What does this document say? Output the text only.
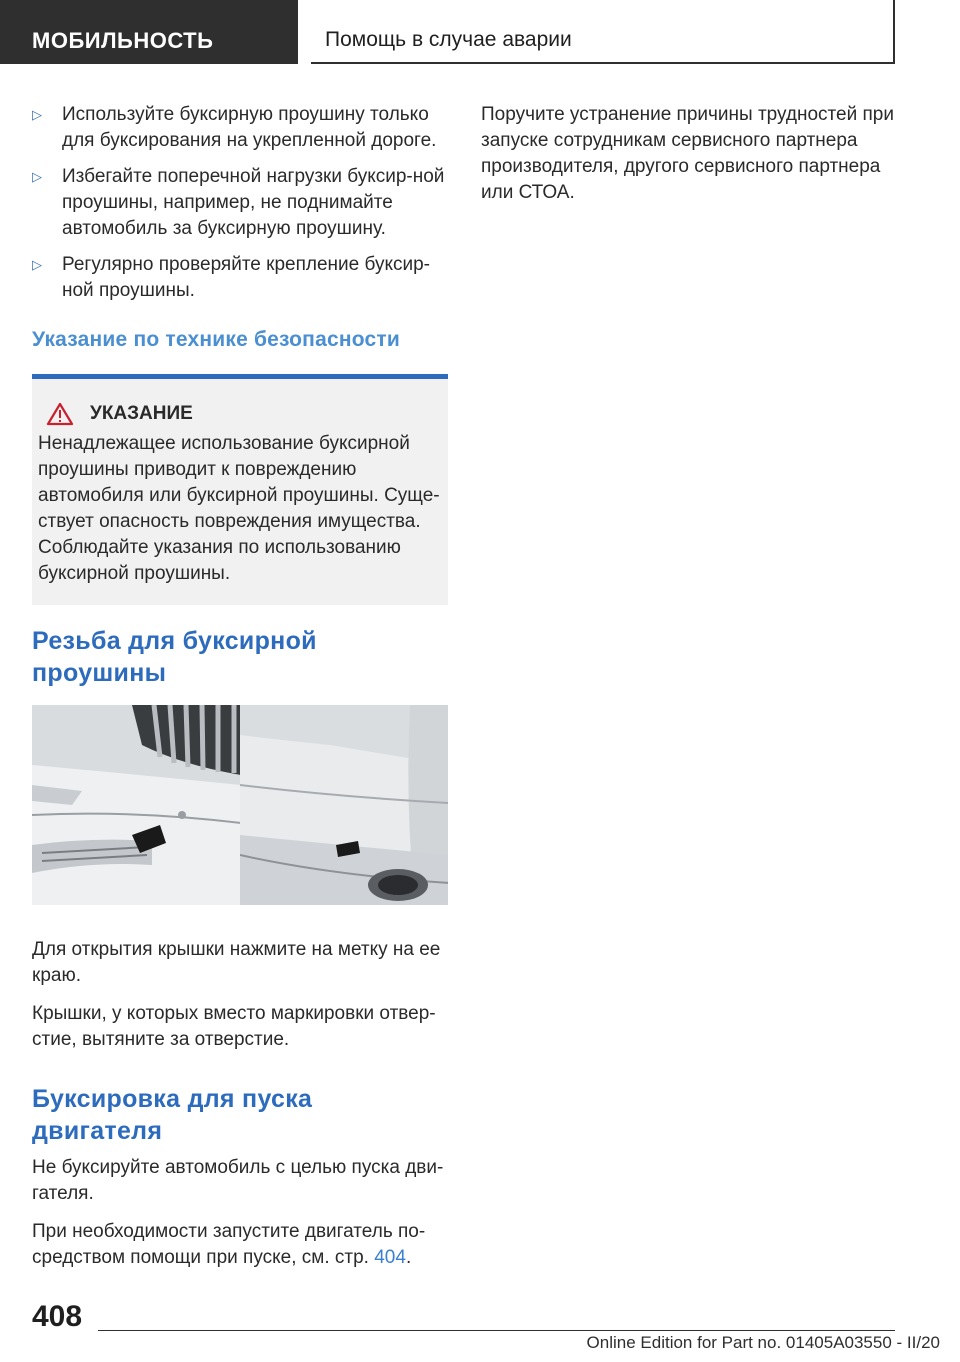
МОБИЛЬНОСТЬ	Помощь в случае аварии
▷	Используйте буксирную проушину только для буксирования на укрепленной дороге.
▷	Избегайте поперечной нагрузки буксир-ной проушины, например, не поднимайте автомобиль за буксирную проушину.
▷	Регулярно проверяйте крепление буксир-ной проушины.
Указание по технике безопасности
УКАЗАНИЕ
Ненадлежащее использование буксирной проушины приводит к повреждению автомобиля или буксирной проушины. Суще-ствует опасность повреждения имущества. Соблюдайте указания по использованию буксирной проушины.
Резьба для буксирной проушины

Для открытия крышки нажмите на метку на ее краю.

Крышки, у которых вместо маркировки отвер-стие, вытяните за отверстие.

Буксировка для пуска двигателя

Не буксируйте автомобиль с целью пуска дви-гателя.

При необходимости запустите двигатель по-средством помощи при пуске, см. стр. 404.

Поручите устранение причины трудностей при запуске сотрудникам сервисного партнера производителя, другого сервисного партнера или СТОА.

408
Online Edition for Part no. 01405A03550 - II/20
